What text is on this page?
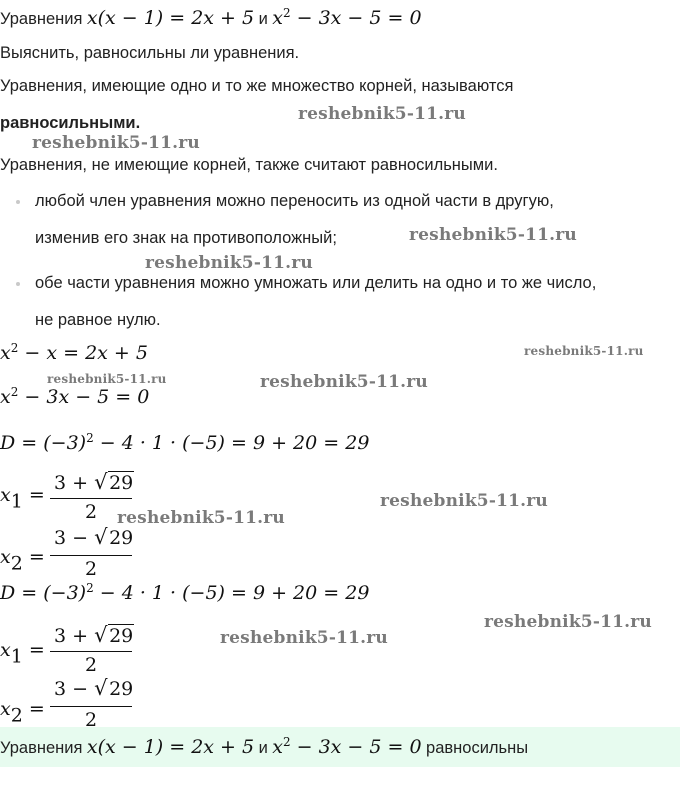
Уравнения x(x − 1) = 2x + 5 и $x^2 - 3x - 5 = 0$
Выяснить, равносильны ли уравнения.
Уравнения, имеющие одно и то же множество корней, называются
равносильными.
Уравнения, не имеющие корней, также считают равносильными.
любой член уравнения можно переносить из одной части в другую,
изменив его знак на противоположный;
обе части уравнения можно умножать или делить на одно и то же число,
не равное нулю.
$x^2 - x = 2x + 5$
$x^2 - 3x - 5 = 0$
$D = (-3)^2 - 4 \cdot 1 \cdot (-5) = 9 + 20 = 29$
$x_1$ =
3 + √ 29
2
$x_2$ =
3 − √ 29
2
$D = (-3)^2 - 4 \cdot 1 \cdot (-5) = 9 + 20 = 29$
$x_1$ =
3 + √ 29
2
$x_2$ =
3 − √ 29
2
Уравнения x(x − 1) = 2x + 5 и $x^2 - 3x - 5 = 0$ равносильны
reshebnik5-11.ru
reshebnik5-11.ru
reshebnik5-11.ru
reshebnik5-11.ru
reshebnik5-11.ru
reshebnik5-11.ru	reshebnik5-11.ru
reshebnik5-11.ru
reshebnik5-11.ru
reshebnik5-11.ru
reshebnik5-11.ru
